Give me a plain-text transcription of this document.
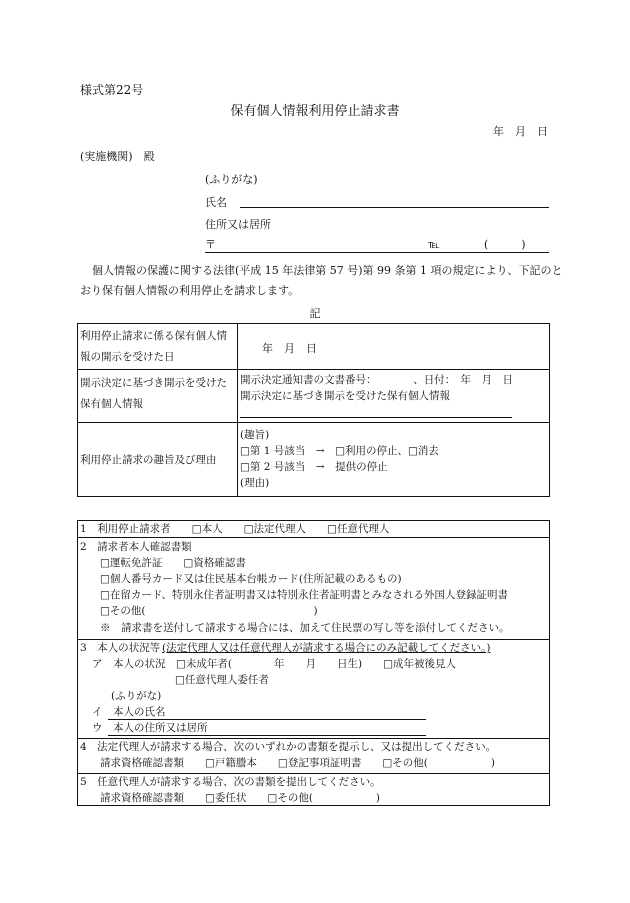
様式第22号
保有個人情報利用停止請求書
年　月　日
(実施機関)　殿
(ふりがな)
氏名
住所又は居所
〒	℡	(　　　)
個人情報の保護に関する法律(平成 15 年法律第 57 号)第 99 条第 1 項の規定により、下記のと
おり保有個人情報の利用停止を請求します。
記
利用停止請求に係る保有個人情
報の開示を受けた日
年　月　日
開示決定に基づき開示を受けた
保有個人情報
開示決定通知書の文書番号：　　　　、日付：　年　月　日
開示決定に基づき開示を受けた保有個人情報
利用停止請求の趣旨及び理由
(趣旨)
□第 1 号該当　→　□利用の停止、□消去
□第 2 号該当　→　提供の停止
(理由)
1　利用停止請求者　　□本人　　□法定代理人　　□任意代理人
2　請求者本人確認書類
□運転免許証　　□資格確認書
□個人番号カード又は住民基本台帳カード(住所記載のあるもの)
□在留カード、特別永住者証明書又は特別永住者証明書とみなされる外国人登録証明書
□その他(　　　　　　　　　　　　　　　　)
※　請求書を送付して請求する場合には、加えて住民票の写し等を添付してください。
3　本人の状況等 (法定代理人又は任意代理人が請求する場合にのみ記載してください。)
ア　本人の状況　□未成年者(　　　　年　　月　　日生)　　□成年被後見人
□任意代理人委任者
(ふりがな)
イ　本人の氏名
ウ　本人の住所又は居所
4　法定代理人が請求する場合、次のいずれかの書類を提示し、又は提出してください。
請求資格確認書類　　□戸籍謄本　　□登記事項証明書　　□その他(　　　　　　)
5　任意代理人が請求する場合、次の書類を提出してください。
請求資格確認書類　　□委任状　　□その他(　　　　　　)
